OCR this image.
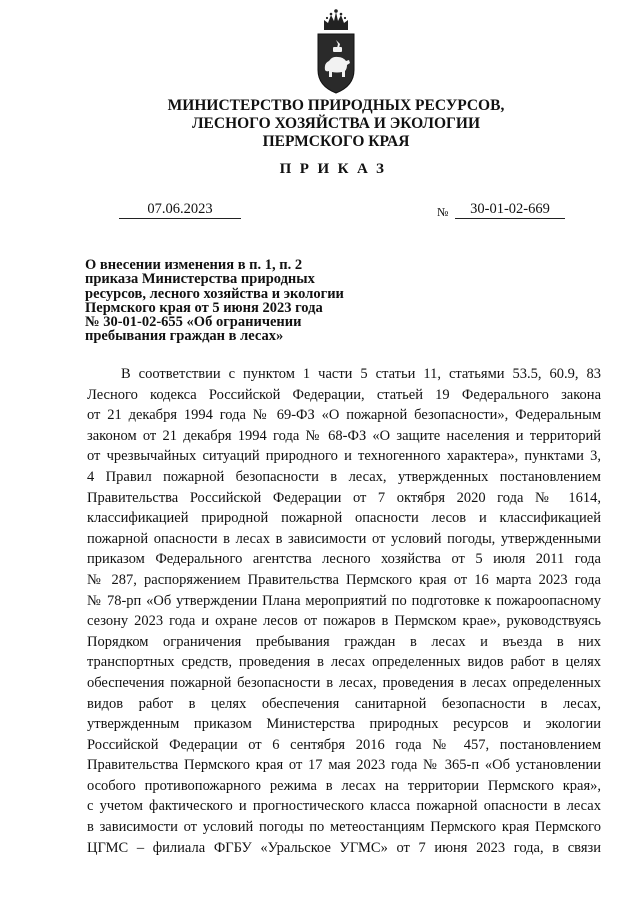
МИНИСТЕРСТВО ПРИРОДНЫХ РЕСУРСОВ,
ЛЕСНОГО ХОЗЯЙСТВА И ЭКОЛОГИИ
ПЕРМСКОГО КРАЯ
ПРИКАЗ
07.06.2023	№	30-01-02-669
О внесении изменения в п. 1, п. 2
приказа Министерства природных
ресурсов, лесного хозяйства и экологии
Пермского края от 5 июня 2023 года
№ 30-01-02-655 «Об ограничении
пребывания граждан в лесах»
В соответствии с пунктом 1 части 5 статьи 11, статьями 53.5, 60.9, 83
Лесного кодекса Российской Федерации, статьей 19 Федерального закона
от 21 декабря 1994 года № 69-ФЗ «О пожарной безопасности», Федеральным
законом от 21 декабря 1994 года № 68-ФЗ «О защите населения и территорий
от чрезвычайных ситуаций природного и техногенного характера», пунктами 3,
4 Правил пожарной безопасности в лесах, утвержденных постановлением
Правительства Российской Федерации от 7 октября 2020 года № 1614,
классификацией природной пожарной опасности лесов и классификацией
пожарной опасности в лесах в зависимости от условий погоды, утвержденными
приказом Федерального агентства лесного хозяйства от 5 июля 2011 года
№ 287, распоряжением Правительства Пермского края от 16 марта 2023 года
№ 78-рп «Об утверждении Плана мероприятий по подготовке к пожароопасному
сезону 2023 года и охране лесов от пожаров в Пермском крае», руководствуясь
Порядком ограничения пребывания граждан в лесах и въезда в них
транспортных средств, проведения в лесах определенных видов работ в целях
обеспечения пожарной безопасности в лесах, проведения в лесах определенных
видов работ в целях обеспечения санитарной безопасности в лесах,
утвержденным приказом Министерства природных ресурсов и экологии
Российской Федерации от 6 сентября 2016 года № 457, постановлением
Правительства Пермского края от 17 мая 2023 года № 365-п «Об установлении
особого противопожарного режима в лесах на территории Пермского края»,
с учетом фактического и прогностического класса пожарной опасности в лесах
в зависимости от условий погоды по метеостанциям Пермского края Пермского
ЦГМС – филиала ФГБУ «Уральское УГМС» от 7 июня 2023 года, в связи
